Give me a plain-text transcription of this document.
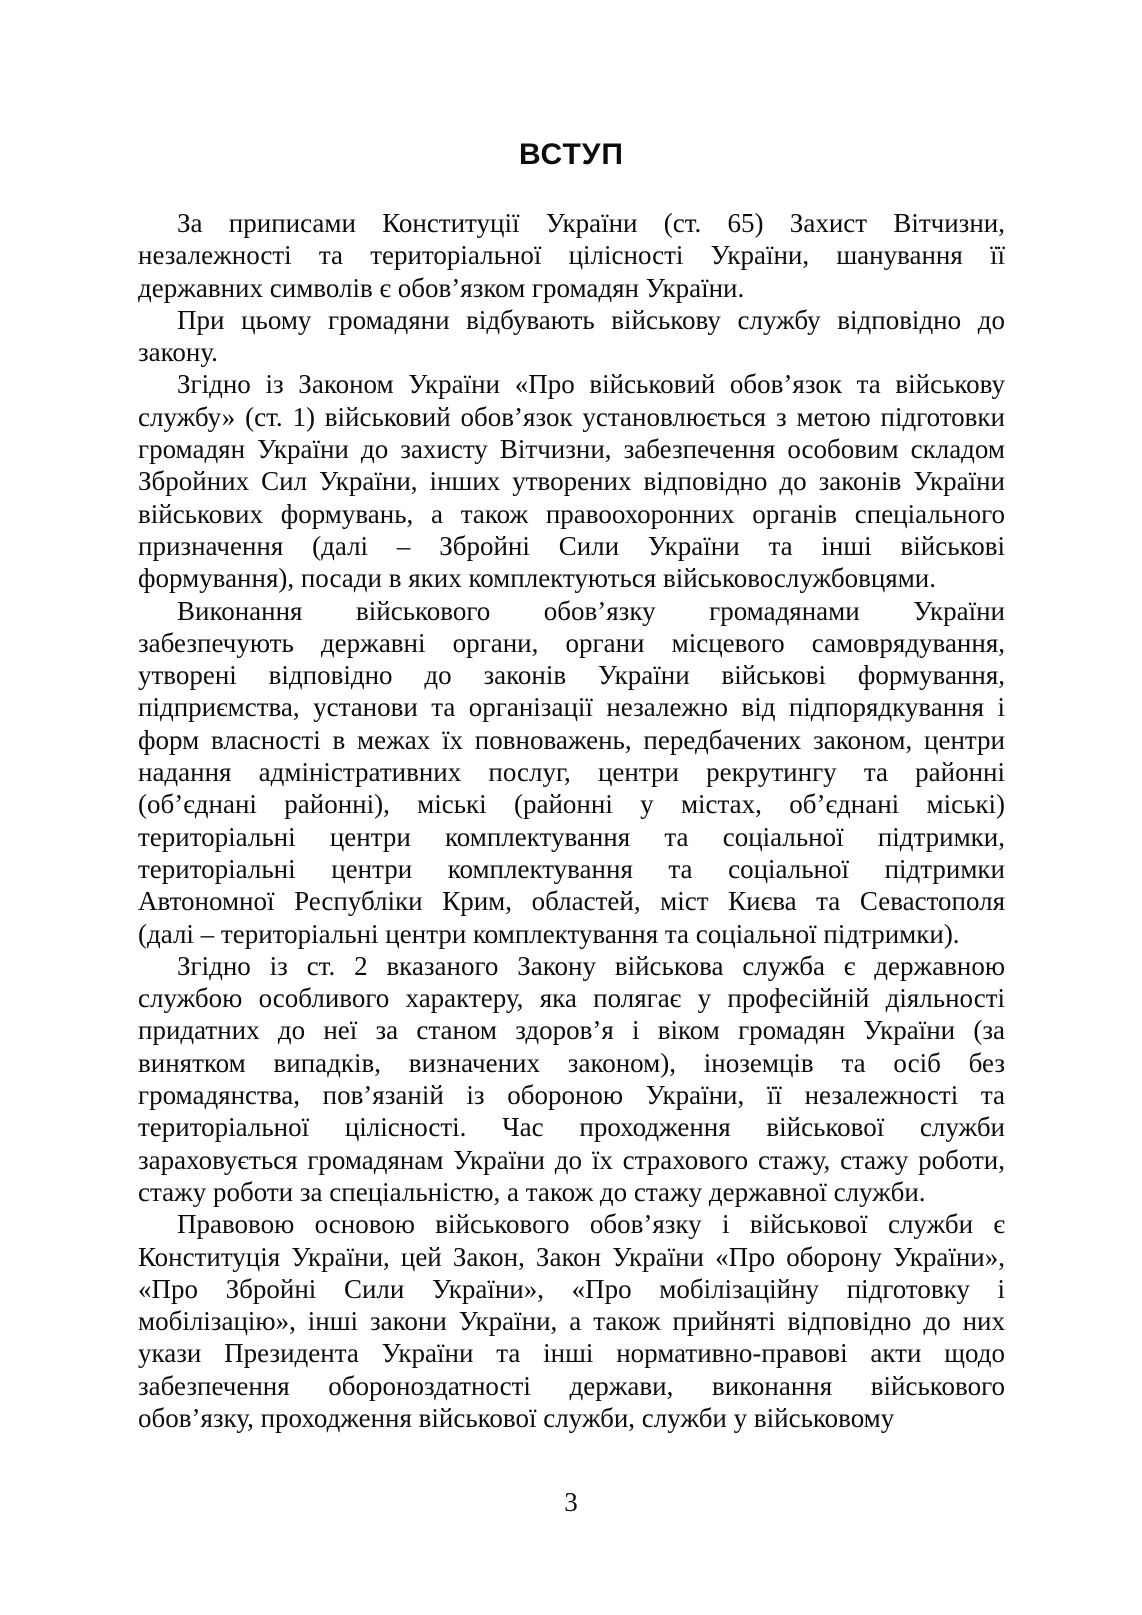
ВСТУП
За приписами Конституції України (ст. 65) Захист Вітчизни,
незалежності та територіальної цілісності України, шанування її
державних символів є обов’язком громадян України.
При цьому громадяни відбувають військову службу відповідно до
закону.
Згідно із Законом України «Про військовий обов’язок та військову
службу» (ст. 1) військовий обов’язок установлюється з метою підготовки
громадян України до захисту Вітчизни, забезпечення особовим складом
Збройних Сил України, інших утворених відповідно до законів України
військових формувань, а також правоохоронних органів спеціального
призначення (далі – Збройні Сили України та інші військові
формування), посади в яких комплектуються військовослужбовцями.
Виконання військового обов’язку громадянами України
забезпечують державні органи, органи місцевого самоврядування,
утворені відповідно до законів України військові формування,
підприємства, установи та організації незалежно від підпорядкування і
форм власності в межах їх повноважень, передбачених законом, центри
надання адміністративних послуг, центри рекрутингу та районні
(об’єднані районні), міські (районні у містах, об’єднані міські)
територіальні центри комплектування та соціальної підтримки,
територіальні центри комплектування та соціальної підтримки
Автономної Республіки Крим, областей, міст Києва та Севастополя
(далі – територіальні центри комплектування та соціальної підтримки).
Згідно із ст. 2 вказаного Закону військова служба є державною
службою особливого характеру, яка полягає у професійній діяльності
придатних до неї за станом здоров’я і віком громадян України (за
винятком випадків, визначених законом), іноземців та осіб без
громадянства, пов’язаній із обороною України, її незалежності та
територіальної цілісності. Час проходження військової служби
зараховується громадянам України до їх страхового стажу, стажу роботи,
стажу роботи за спеціальністю, а також до стажу державної служби.
Правовою основою військового обов’язку і військової служби є
Конституція України, цей Закон, Закон України «Про оборону України»,
«Про Збройні Сили України», «Про мобілізаційну підготовку і
мобілізацію», інші закони України, а також прийняті відповідно до них
укази Президента України та інші нормативно-правові акти щодо
забезпечення обороноздатності держави, виконання військового
обов’язку, проходження військової служби, служби у військовому
3
